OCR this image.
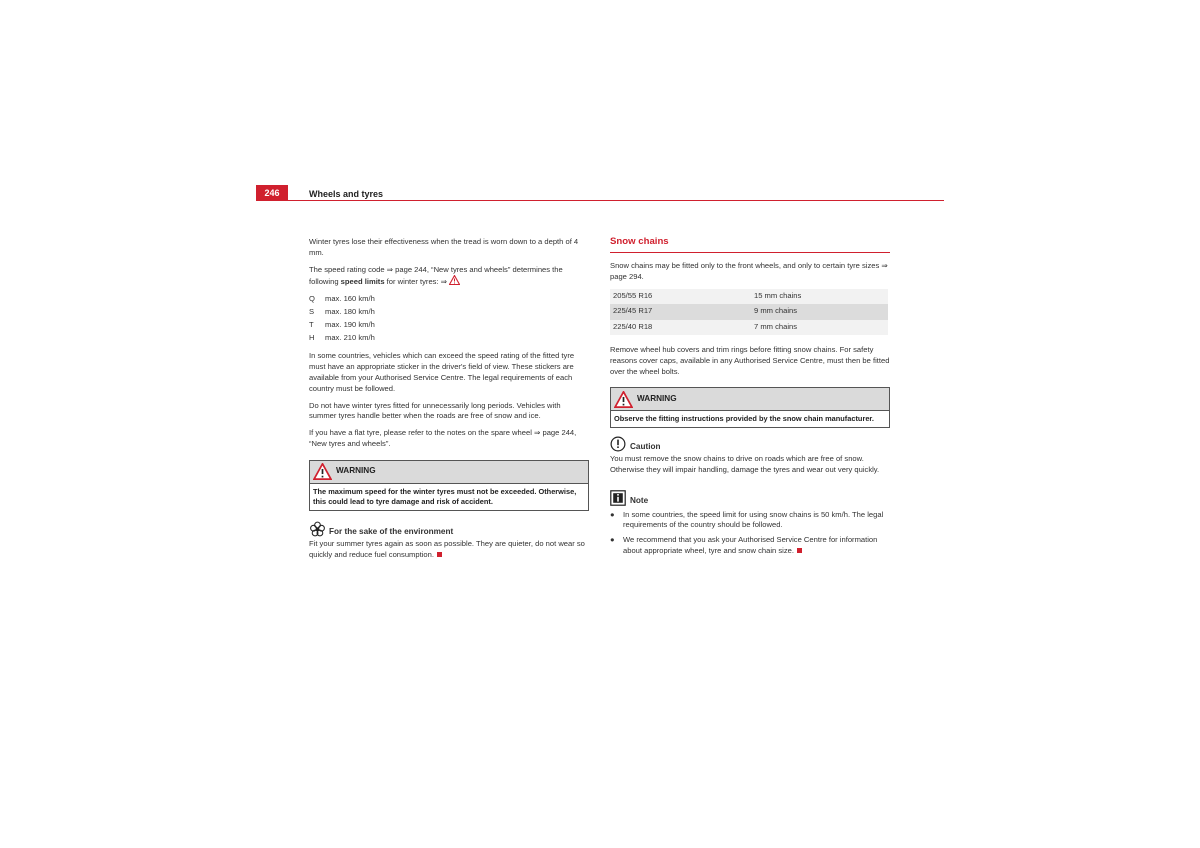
246	Wheels and tyres

Winter tyres lose their effectiveness when the tread is worn down to a depth of 4 mm.

The speed rating code ⇒ page 244, “New tyres and wheels” determines the following speed limits for winter tyres: ⇒

Q	max. 160 km/h
S	max. 180 km/h
T	max. 190 km/h
H	max. 210 km/h

In some countries, vehicles which can exceed the speed rating of the fitted tyre must have an appropriate sticker in the driver's field of view. These stickers are available from your Authorised Service Centre. The legal requirements of each country must be followed.

Do not have winter tyres fitted for unnecessarily long periods. Vehicles with summer tyres handle better when the roads are free of snow and ice.

If you have a flat tyre, please refer to the notes on the spare wheel ⇒ page 244, “New tyres and wheels”.

WARNING
The maximum speed for the winter tyres must not be exceeded. Otherwise, this could lead to tyre damage and risk of accident.
For the sake of the environment

Fit your summer tyres again as soon as possible. They are quieter, do not wear so quickly and reduce fuel consumption.

Snow chains

Snow chains may be fitted only to the front wheels, and only to certain tyre sizes ⇒ page 294.

205/55 R16	15 mm chains
225/45 R17	9 mm chains
225/40 R18	7 mm chains

Remove wheel hub covers and trim rings before fitting snow chains. For safety reasons cover caps, available in any Authorised Service Centre, must then be fitted over the wheel bolts.

WARNING
Observe the fitting instructions provided by the snow chain manufacturer.
Caution

You must remove the snow chains to drive on roads which are free of snow. Otherwise they will impair handling, damage the tyres and wear out very quickly.

Note
●	In some countries, the speed limit for using snow chains is 50 km/h. The legal requirements of the country should be followed.
●	We recommend that you ask your Authorised Service Centre for information about appropriate wheel, tyre and snow chain size.
